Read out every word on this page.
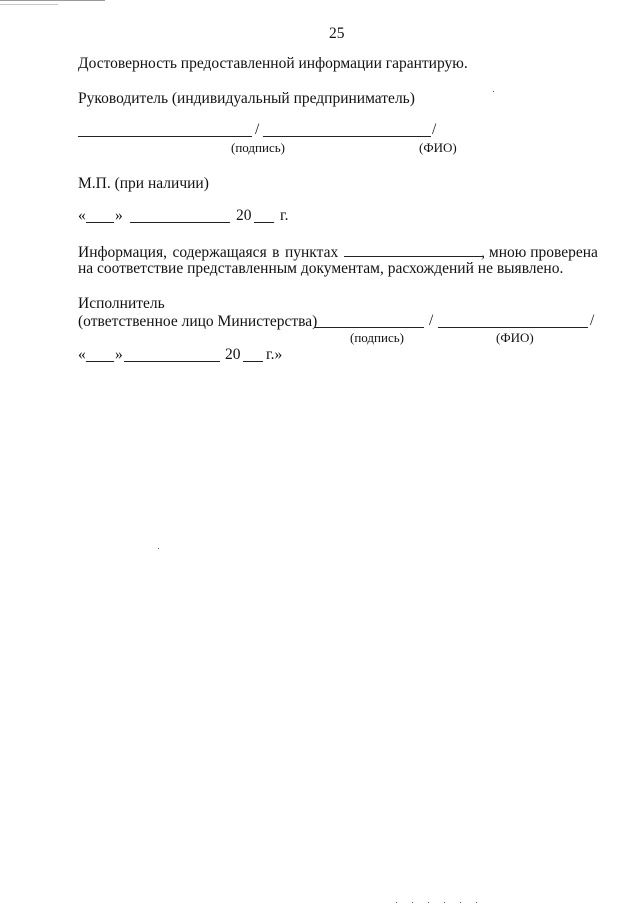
25
Достоверность предоставленной информации гарантирую.
Руководитель (индивидуальный предприниматель)
/	/
(подпись)	(ФИО)
М.П. (при наличии)
« »	20 г.
Информация, содержащаяся в пунктах	, мною проверена
на соответствие представленным документам, расхождений не выявлено.
Исполнитель
(ответственное лицо Министерства)	/	/
(подпись)	(ФИО)
« »	20 г.»
